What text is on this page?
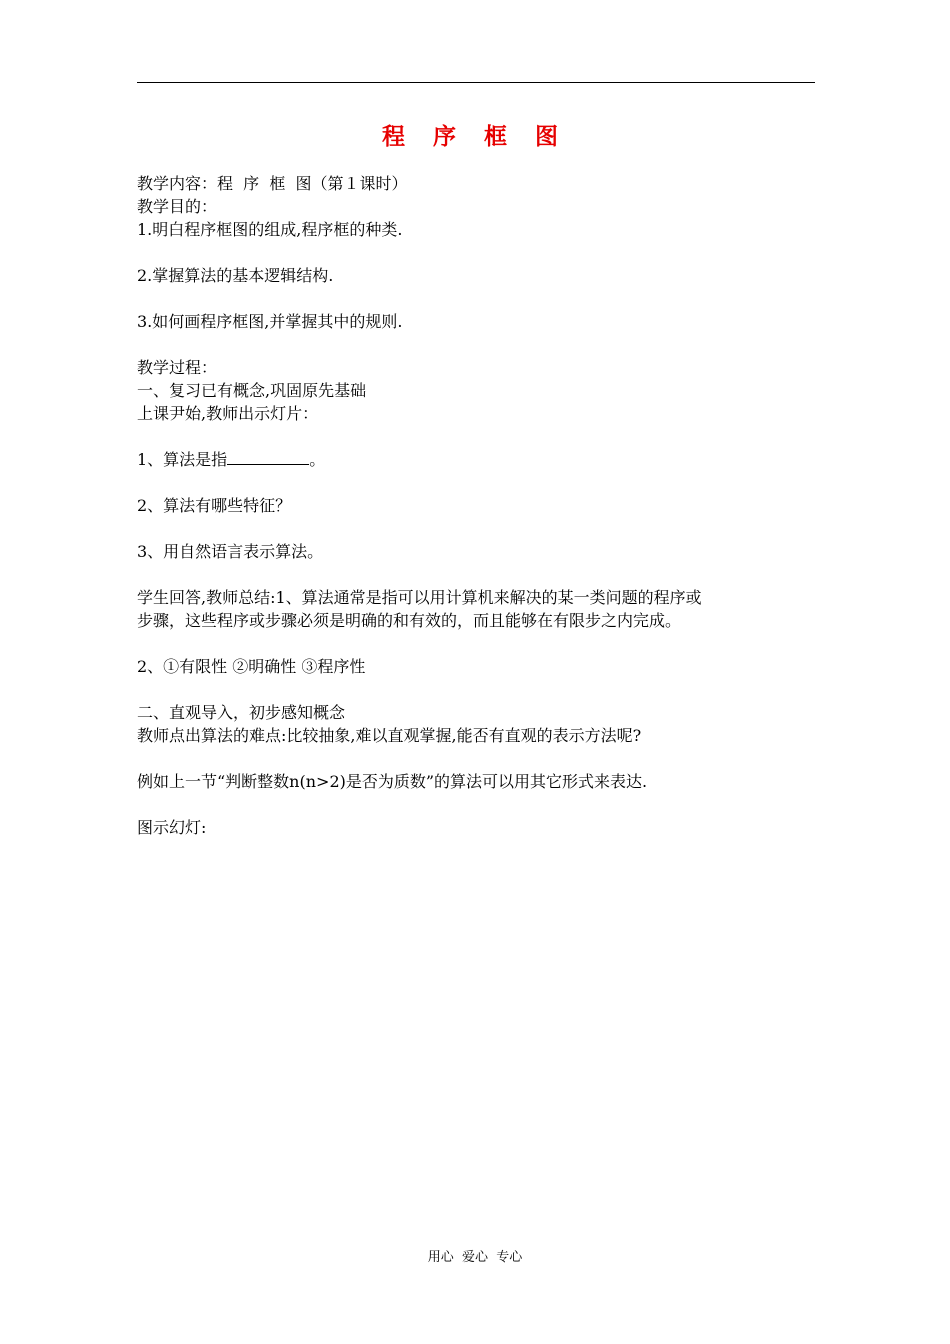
程 序 框 图

教学内容：程  序  框  图（第１课时）

教学目的：

1.明白程序框图的组成,程序框的种类.

2.掌握算法的基本逻辑结构.

3.如何画程序框图,并掌握其中的规则.

教学过程：

一、复习已有概念,巩固原先基础

上课尹始,教师出示灯片：

1、算法是指	。

2、算法有哪些特征？

3、用自然语言表示算法。

学生回答,教师总结:1、算法通常是指可以用计算机来解决的某一类问题的程序或

步骤，这些程序或步骤必须是明确的和有效的，而且能够在有限步之内完成。

2、①有限性 ②明确性 ③程序性

二、直观导入，初步感知概念

教师点出算法的难点:比较抽象,难以直观掌握,能否有直观的表示方法呢?

例如上一节“判断整数n(n>2)是否为质数”的算法可以用其它形式来表达.

图示幻灯:

用心  爱心  专心
